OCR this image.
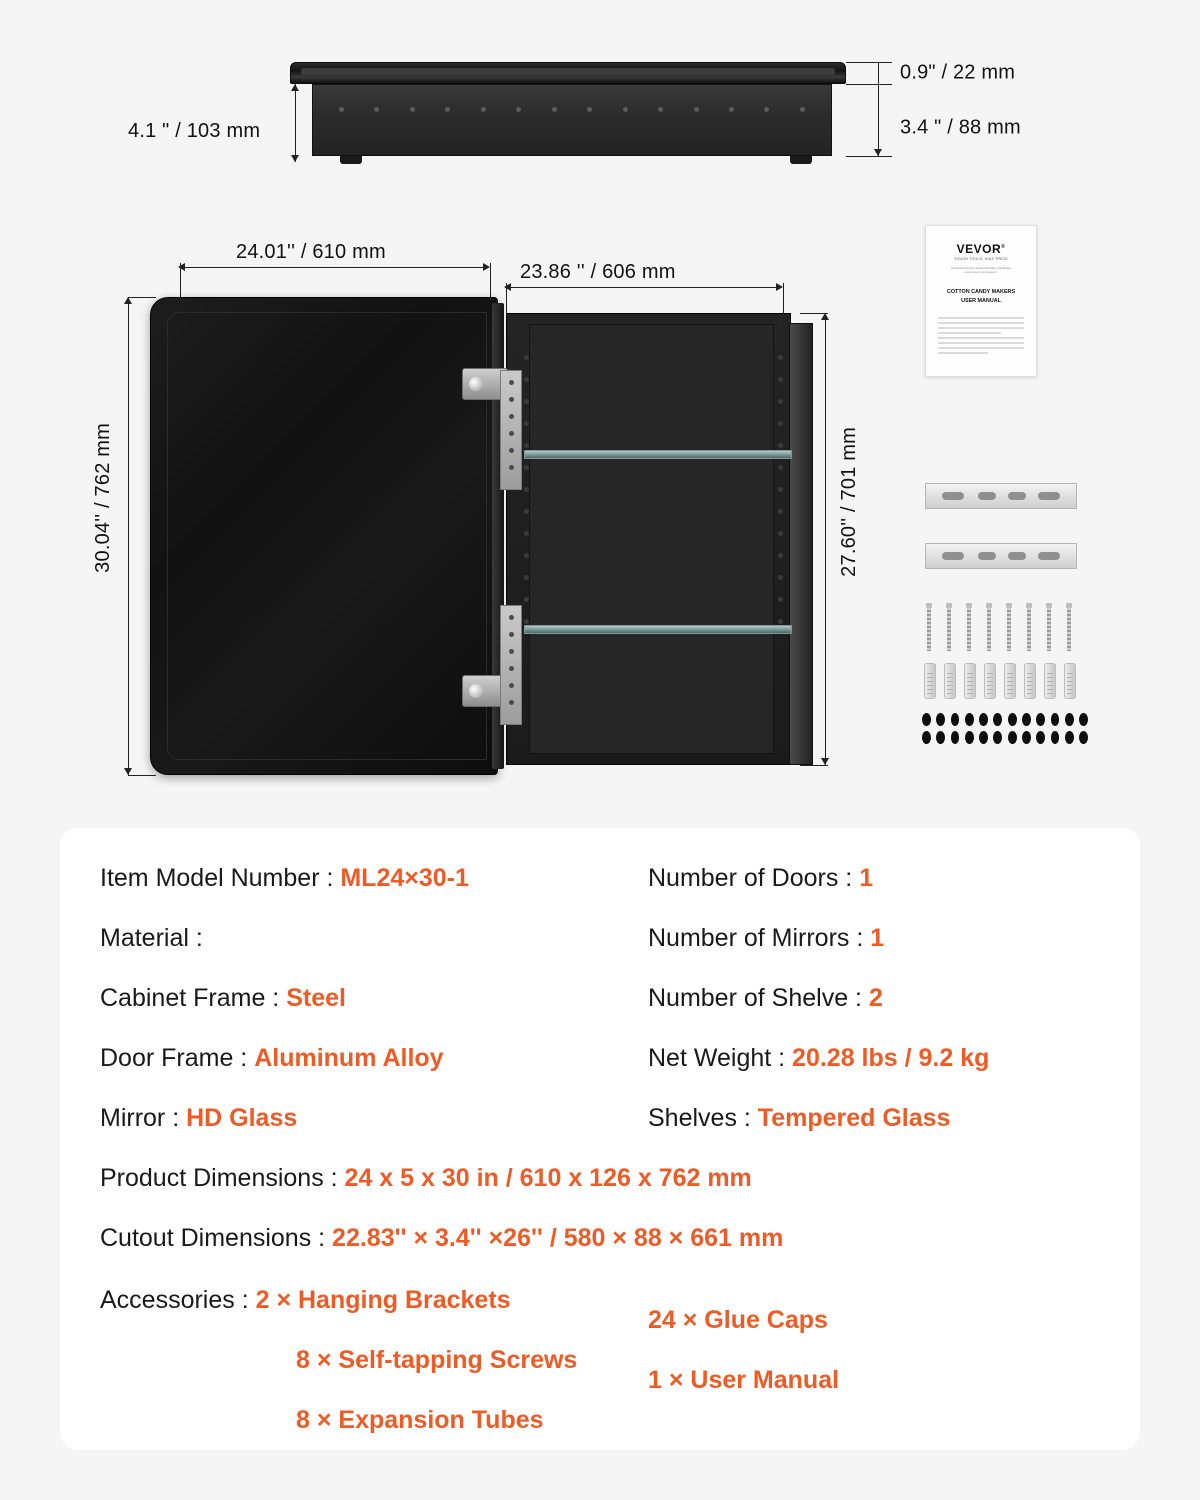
4.1 " / 103 mm
0.9" / 22 mm
3.4 " / 88 mm
24.01'' / 610 mm
23.86 '' / 606 mm
30.04'' / 762 mm	27.60'' / 701 mm
VEVOR®
TOUGH TOOLS, HALF PRICE
Technical Support and E-Warranty Certificate www.vevor.com/support
COTTON CANDY MAKERS
USER MANUAL
Item Model Number : ML24×30-1	Number of Doors : 1
Material :	Number of Mirrors : 1
Cabinet Frame : Steel	Number of Shelve : 2
Door Frame : Aluminum Alloy	Net Weight : 20.28 lbs / 9.2 kg
Mirror : HD Glass	Shelves : Tempered Glass
Product Dimensions : 24 x 5 x 30 in / 610 x 126 x 762 mm
Cutout Dimensions : 22.83'' × 3.4'' ×26'' / 580 × 88 × 661 mm
Accessories : 2 × Hanging Brackets
8 × Self-tapping Screws
8 × Expansion Tubes
24 × Glue Caps
1 × User Manual
